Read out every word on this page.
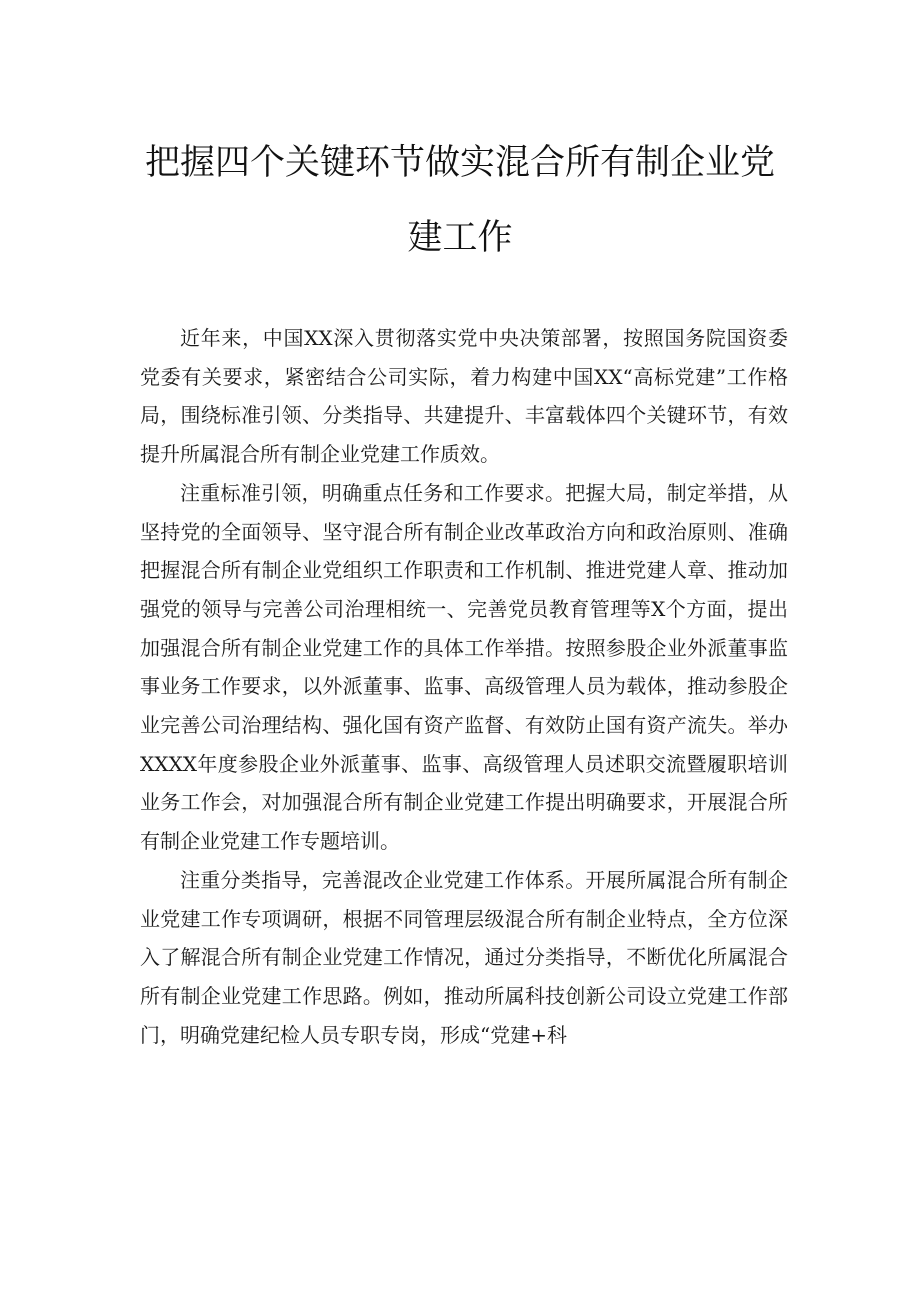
把握四个关键环节做实混合所有制企业党
建工作

近年来，中国XX深入贯彻落实党中央决策部署，按照国务院国资委党委有关要求，紧密结合公司实际，着力构建中国XX“高标党建”工作格局，围绕标准引领、分类指导、共建提升、丰富载体四个关键环节，有效提升所属混合所有制企业党建工作质效。

注重标准引领，明确重点任务和工作要求。把握大局，制定举措，从坚持党的全面领导、坚守混合所有制企业改革政治方向和政治原则、准确把握混合所有制企业党组织工作职责和工作机制、推进党建人章、推动加强党的领导与完善公司治理相统一、完善党员教育管理等X个方面，提出加强混合所有制企业党建工作的具体工作举措。按照参股企业外派董事监事业务工作要求，以外派董事、监事、高级管理人员为载体，推动参股企业完善公司治理结构、强化国有资产监督、有效防止国有资产流失。举办XXXX年度参股企业外派董事、监事、高级管理人员述职交流暨履职培训业务工作会，对加强混合所有制企业党建工作提出明确要求，开展混合所有制企业党建工作专题培训。

注重分类指导，完善混改企业党建工作体系。开展所属混合所有制企业党建工作专项调研，根据不同管理层级混合所有制企业特点，全方位深入了解混合所有制企业党建工作情况，通过分类指导，不断优化所属混合所有制企业党建工作思路。例如，推动所属科技创新公司设立党建工作部门，明确党建纪检人员专职专岗，形成“党建+科
